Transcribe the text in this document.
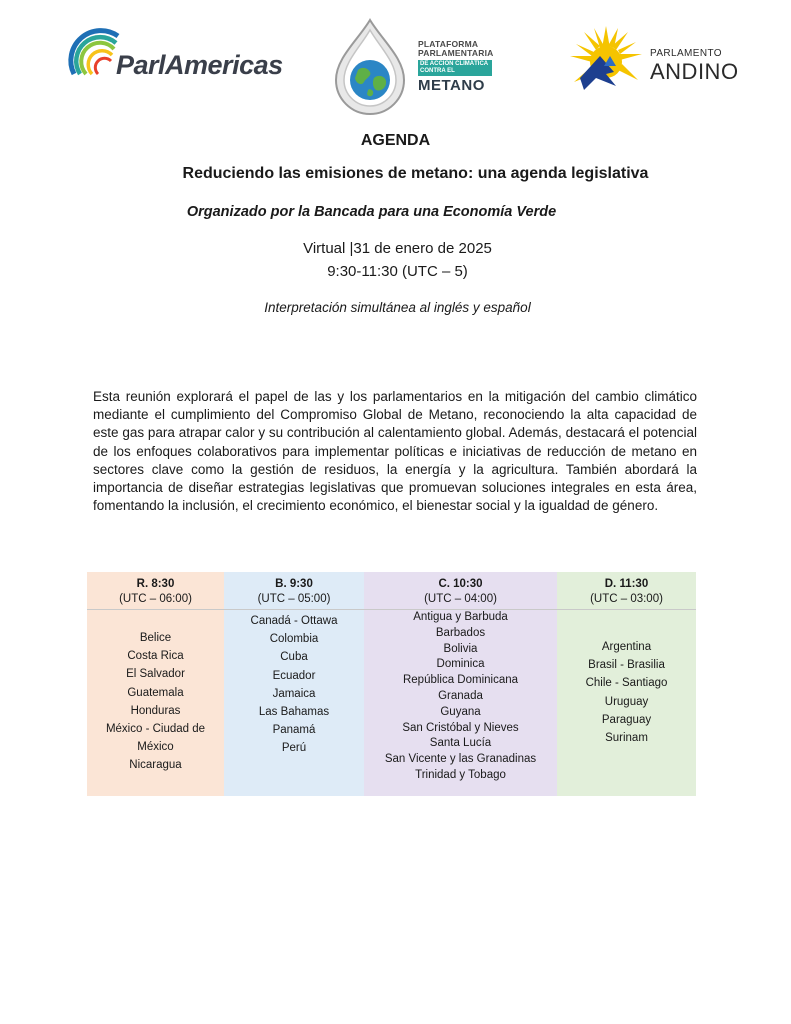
ParlAmericas
PLATAFORMA
PARLAMENTARIA
DE ACCIÓN CLIMÁTICA
CONTRA EL
METANO
PARLAMENTO
ANDINO
AGENDA
Reduciendo las emisiones de metano: una agenda legislativa
Organizado por la Bancada para una Economía Verde
Virtual |31 de enero de 2025
9:30-11:30 (UTC – 5)
Interpretación simultánea al inglés y español
Esta reunión explorará el papel de las y los parlamentarios en la mitigación del cambio climático mediante el cumplimiento del Compromiso Global de Metano, reconociendo la alta capacidad de este gas para atrapar calor y su contribución al calentamiento global. Además, destacará el potencial de los enfoques colaborativos para implementar políticas e iniciativas de reducción de metano en sectores clave como la gestión de residuos, la energía y la agricultura. También abordará la importancia de diseñar estrategias legislativas que promuevan soluciones integrales en esta área, fomentando la inclusión, el crecimiento económico, el bienestar social y la igualdad de género.
R. 8:30
(UTC – 06:00)
Belice
Costa Rica
El Salvador
Guatemala
Honduras
México - Ciudad de
México
Nicaragua
B. 9:30
(UTC – 05:00)
Canadá - Ottawa
Colombia
Cuba
Ecuador
Jamaica
Las Bahamas
Panamá
Perú
C. 10:30
(UTC – 04:00)
Antigua y Barbuda
Barbados
Bolivia
Dominica
República Dominicana
Granada
Guyana
San Cristóbal y Nieves
Santa Lucía
San Vicente y las Granadinas
Trinidad y Tobago
D. 11:30
(UTC – 03:00)
Argentina
Brasil - Brasilia
Chile - Santiago
Uruguay
Paraguay
Surinam
